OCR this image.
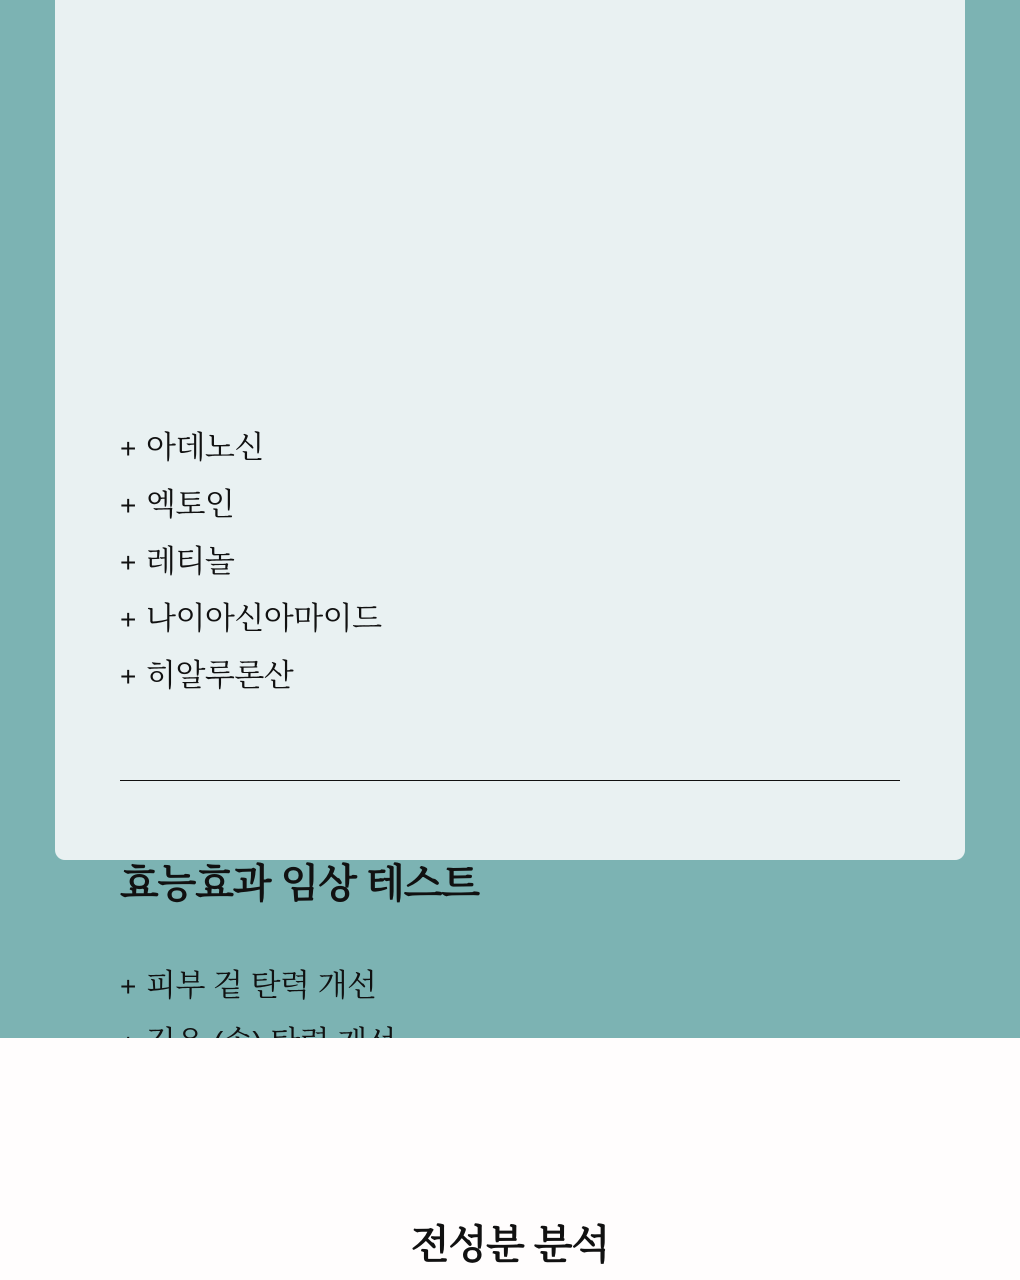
+ 아데노신
+ 엑토인
+ 레티놀
+ 나이아신아마이드
+ 히알루론산
효능효과 임상 테스트
+ 피부 겉 탄력 개선
전성분 분석
